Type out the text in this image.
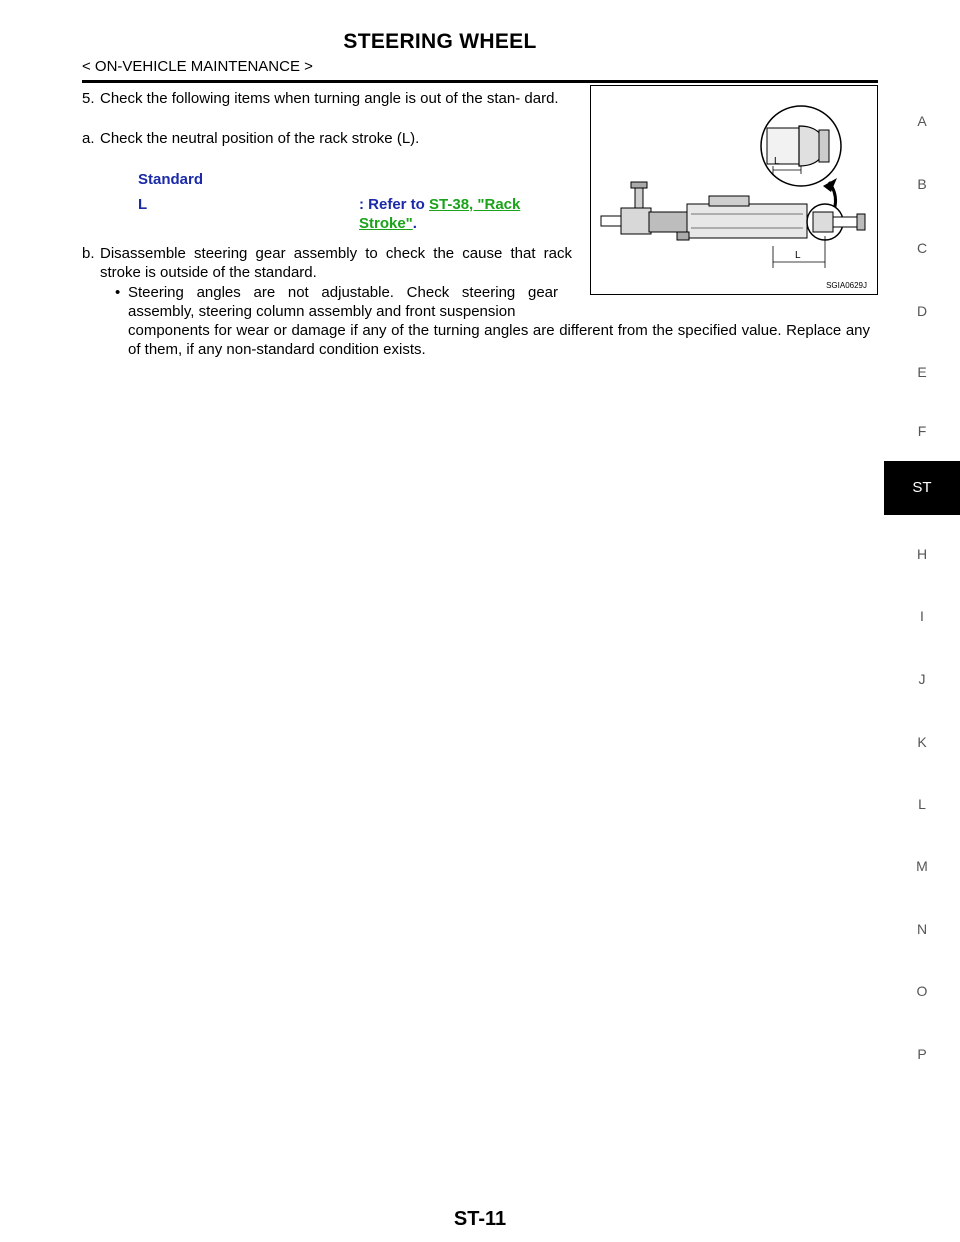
STEERING WHEEL
< ON-VEHICLE MAINTENANCE >
5. Check the following items when turning angle is out of the stan- dard.
a. Check the neutral position of the rack stroke (L).
Standard
L	: Refer to ST-38, "Rack Stroke".
b. Disassemble steering gear assembly to check the cause that rack stroke is outside of the standard.
• Steering angles are not adjustable. Check steering gear assembly, steering column assembly and front suspension
components for wear or damage if any of the turning angles are different from the specified value. Replace any of them, if any non-standard condition exists.
L
L
SGIA0629J
A
B
C
D
E
F
ST
H
I
J
K
L
M
N
O
P
ST-11
